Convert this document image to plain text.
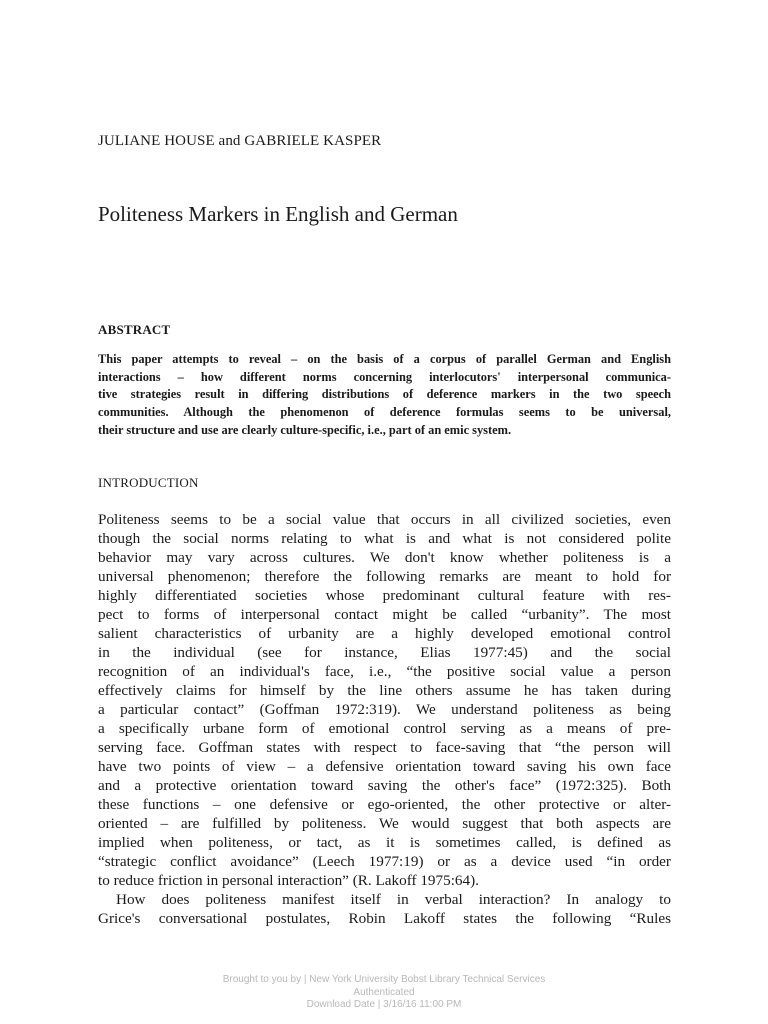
JULIANE HOUSE and GABRIELE KASPER
Politeness Markers in English and German
ABSTRACT
This paper attempts to reveal – on the basis of a corpus of parallel German and English
interactions – how different norms concerning interlocutors' interpersonal communica-
tive strategies result in differing distributions of deference markers in the two speech
communities. Although the phenomenon of deference formulas seems to be universal,
their structure and use are clearly culture-specific, i.e., part of an emic system.
INTRODUCTION
Politeness seems to be a social value that occurs in all civilized societies, even
though the social norms relating to what is and what is not considered polite
behavior may vary across cultures. We don't know whether politeness is a
universal phenomenon; therefore the following remarks are meant to hold for
highly differentiated societies whose predominant cultural feature with res-
pect to forms of interpersonal contact might be called “urbanity”. The most
salient characteristics of urbanity are a highly developed emotional control
in the individual (see for instance, Elias 1977:45) and the social
recognition of an individual's face, i.e., “the positive social value a person
effectively claims for himself by the line others assume he has taken during
a particular contact” (Goffman 1972:319). We understand politeness as being
a specifically urbane form of emotional control serving as a means of pre-
serving face. Goffman states with respect to face-saving that “the person will
have two points of view – a defensive orientation toward saving his own face
and a protective orientation toward saving the other's face” (1972:325). Both
these functions – one defensive or ego-oriented, the other protective or alter-
oriented – are fulfilled by politeness. We would suggest that both aspects are
implied when politeness, or tact, as it is sometimes called, is defined as
“strategic conflict avoidance” (Leech 1977:19) or as a device used “in order
to reduce friction in personal interaction” (R. Lakoff 1975:64).
How does politeness manifest itself in verbal interaction? In analogy to
Grice's conversational postulates, Robin Lakoff states the following “Rules
Brought to you by | New York University Bobst Library Technical Services
Authenticated
Download Date | 3/16/16 11:00 PM
